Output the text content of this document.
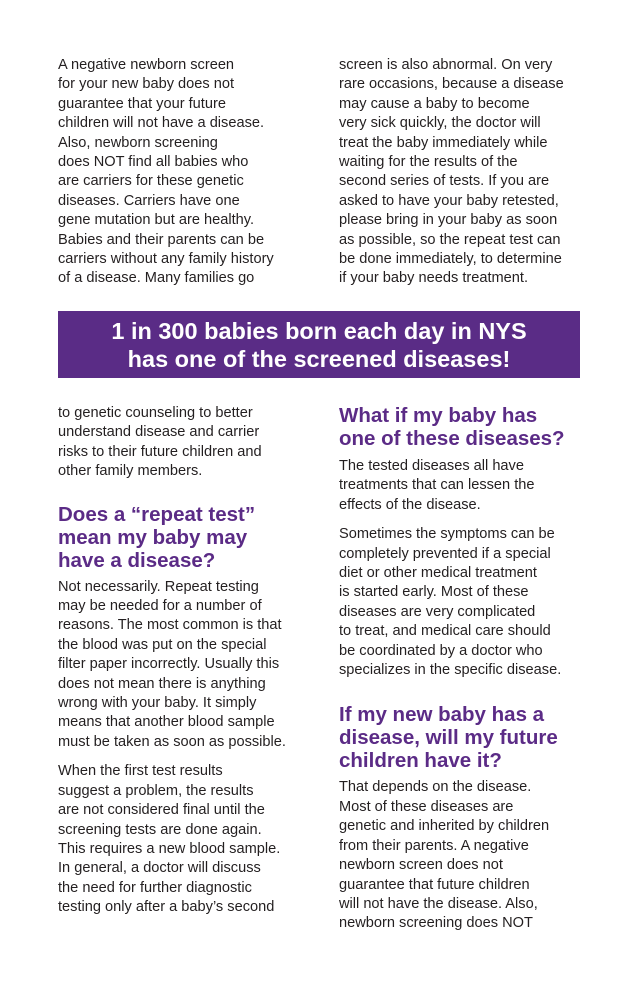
A negative newborn screen
for your new baby does not
guarantee that your future
children will not have a disease.
Also, newborn screening
does NOT find all babies who
are carriers for these genetic
diseases. Carriers have one
gene mutation but are healthy.
Babies and their parents can be
carriers without any family history
of a disease. Many families go

screen is also abnormal. On very
rare occasions, because a disease
may cause a baby to become
very sick quickly, the doctor will
treat the baby immediately while
waiting for the results of the
second series of tests. If you are
asked to have your baby retested,
please bring in your baby as soon
as possible, so the repeat test can
be done immediately, to determine
if your baby needs treatment.

1 in 300 babies born each day in NYS
has one of the screened diseases!

to genetic counseling to better
understand disease and carrier
risks to their future children and
other family members.

Does a “repeat test”
mean my baby may
have a disease?

Not necessarily. Repeat testing
may be needed for a number of
reasons. The most common is that
the blood was put on the special
filter paper incorrectly. Usually this
does not mean there is anything
wrong with your baby. It simply
means that another blood sample
must be taken as soon as possible.

When the first test results
suggest a problem, the results
are not considered final until the
screening tests are done again.
This requires a new blood sample.
In general, a doctor will discuss
the need for further diagnostic
testing only after a baby’s second

What if my baby has
one of these diseases?

The tested diseases all have
treatments that can lessen the
effects of the disease.

Sometimes the symptoms can be
completely prevented if a special
diet or other medical treatment
is started early. Most of these
diseases are very complicated
to treat, and medical care should
be coordinated by a doctor who
specializes in the specific disease.

If my new baby has a
disease, will my future
children have it?

That depends on the disease.
Most of these diseases are
genetic and inherited by children
from their parents. A negative
newborn screen does not
guarantee that future children
will not have the disease. Also,
newborn screening does NOT
